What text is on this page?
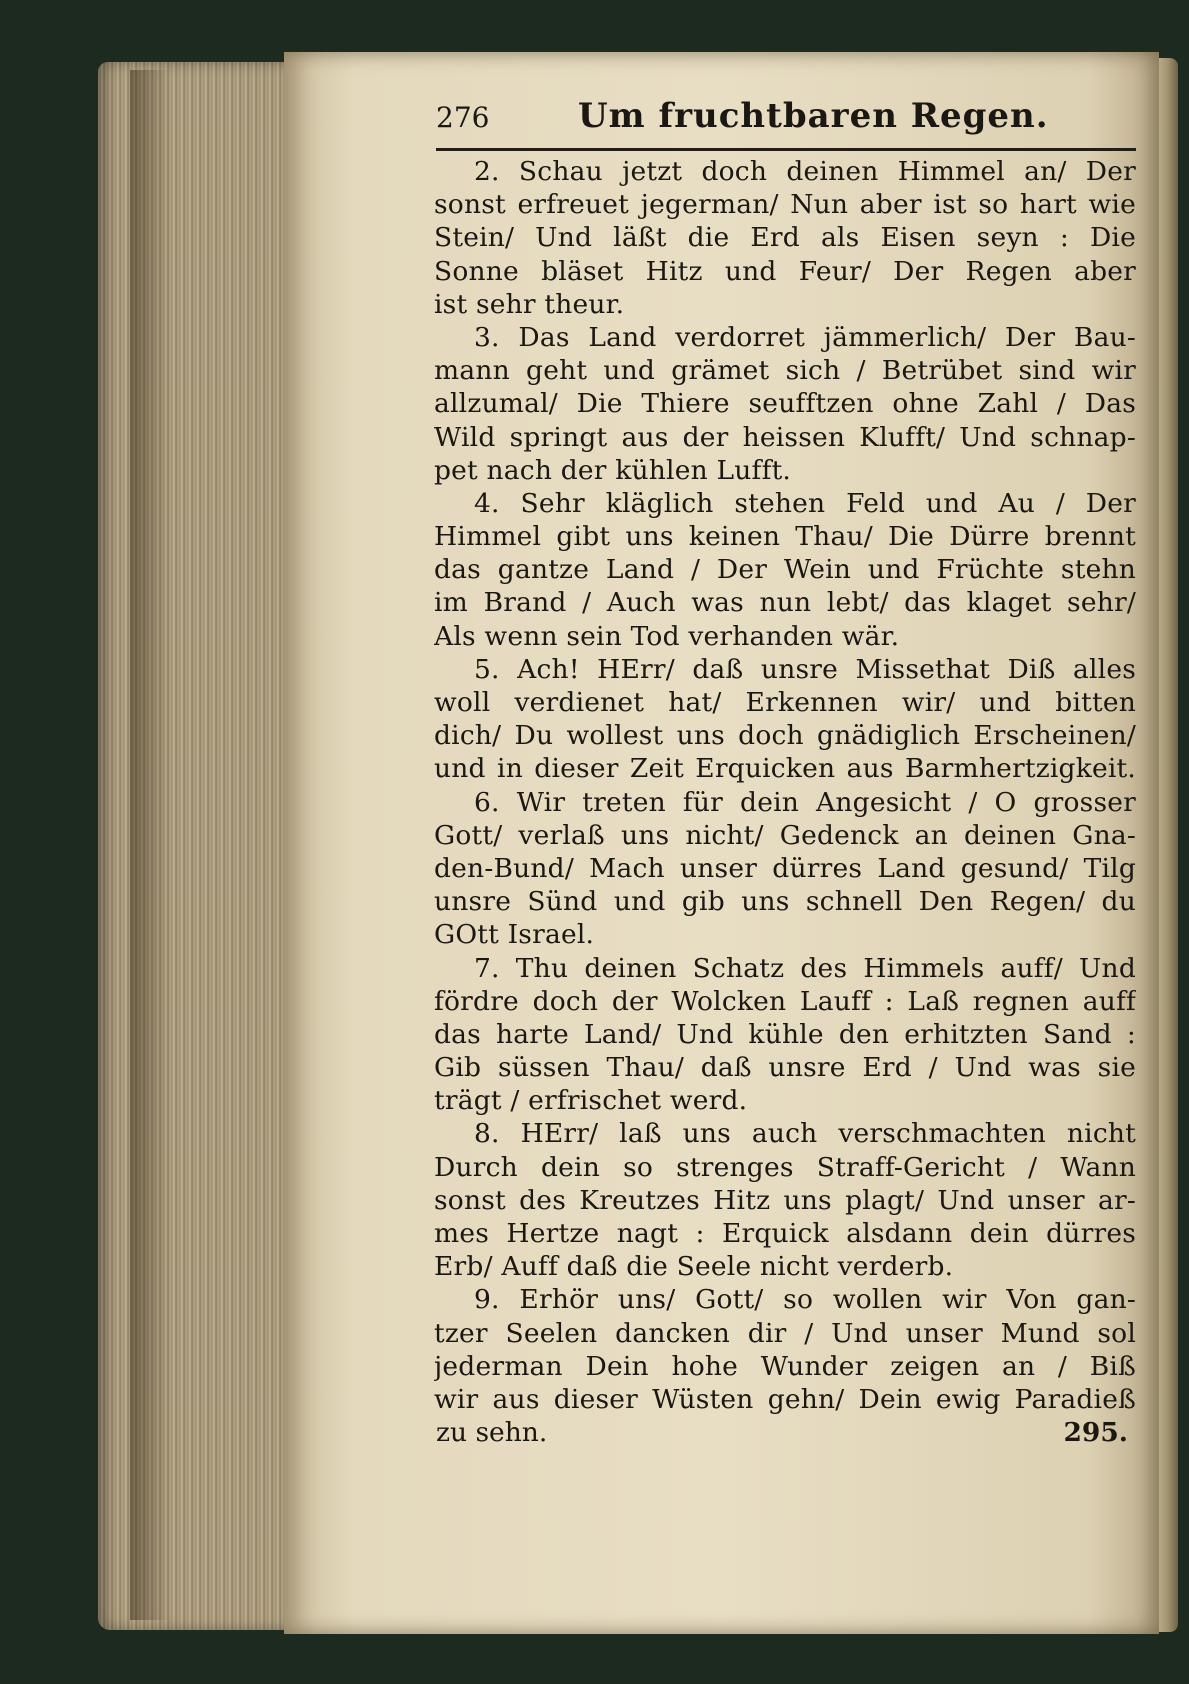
276	Um fruchtbaren Regen.
2. Schau jetzt doch deinen Himmel an/ Der
sonst erfreuet jegerman/ Nun aber ist so hart wie
Stein/ Und läßt die Erd als Eisen seyn : Die
Sonne bläset Hitz und Feur/ Der Regen aber
ist sehr theur.
3. Das Land verdorret jämmerlich/ Der Bau-
mann geht und grämet sich / Betrübet sind wir
allzumal/ Die Thiere seufftzen ohne Zahl / Das
Wild springt aus der heissen Klufft/ Und schnap-
pet nach der kühlen Lufft.
4. Sehr kläglich stehen Feld und Au / Der
Himmel gibt uns keinen Thau/ Die Dürre brennt
das gantze Land / Der Wein und Früchte stehn
im Brand / Auch was nun lebt/ das klaget sehr/
Als wenn sein Tod verhanden wär.
5. Ach! HErr/ daß unsre Missethat Diß alles
woll verdienet hat/ Erkennen wir/ und bitten
dich/ Du wollest uns doch gnädiglich Erscheinen/
und in dieser Zeit Erquicken aus Barmhertzigkeit.
6. Wir treten für dein Angesicht / O grosser
Gott/ verlaß uns nicht/ Gedenck an deinen Gna-
den-Bund/ Mach unser dürres Land gesund/ Tilg
unsre Sünd und gib uns schnell Den Regen/ du
GOtt Israel.
7. Thu deinen Schatz des Himmels auff/ Und
fördre doch der Wolcken Lauff : Laß regnen auff
das harte Land/ Und kühle den erhitzten Sand :
Gib süssen Thau/ daß unsre Erd / Und was sie
trägt / erfrischet werd.
8. HErr/ laß uns auch verschmachten nicht
Durch dein so strenges Straff-Gericht / Wann
sonst des Kreutzes Hitz uns plagt/ Und unser ar-
mes Hertze nagt : Erquick alsdann dein dürres
Erb/ Auff daß die Seele nicht verderb.
9. Erhör uns/ Gott/ so wollen wir Von gan-
tzer Seelen dancken dir / Und unser Mund sol
jederman Dein hohe Wunder zeigen an / Biß
wir aus dieser Wüsten gehn/ Dein ewig Paradieß
zu sehn.	295.
